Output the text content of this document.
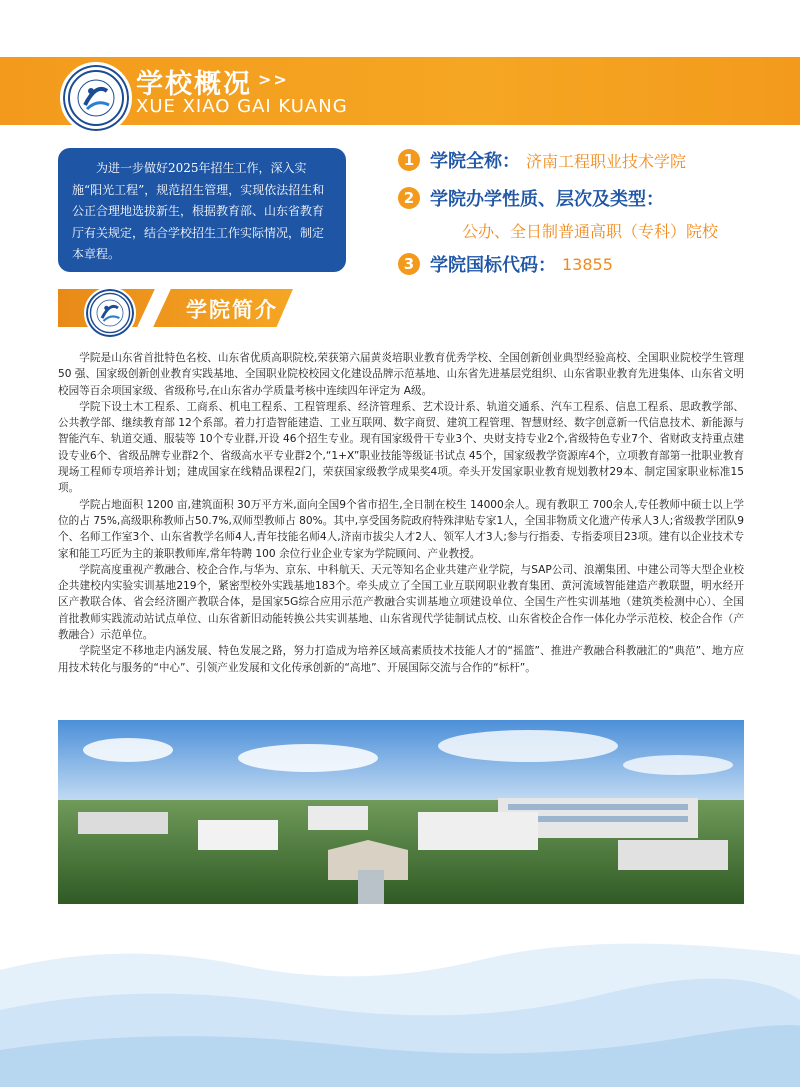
学校概况 >>
XUE XIAO GAI KUANG
为进一步做好2025年招生工作，深入实施“阳光工程”，规范招生管理，实现依法招生和公正合理地选拔新生，根据教育部、山东省教育厅有关规定，结合学校招生工作实际情况，制定本章程。
1 学院全称： 济南工程职业技术学院
2 学院办学性质、层次及类型：
公办、全日制普通高职（专科）院校
3 学院国标代码： 13855
学院简介

学院是山东省首批特色名校、山东省优质高职院校,荣获第六届黄炎培职业教育优秀学校、全国创新创业典型经验高校、全国职业院校学生管理 50 强、国家级创新创业教育实践基地、全国职业院校校园文化建设品牌示范基地、山东省先进基层党组织、山东省职业教育先进集体、山东省文明校园等百余项国家级、省级称号,在山东省办学质量考核中连续四年评定为 A级。

学院下设土木工程系、工商系、机电工程系、工程管理系、经济管理系、艺术设计系、轨道交通系、汽车工程系、信息工程系、思政教学部、公共教学部、继续教育部 12个系部。着力打造智能建造、工业互联网、数字商贸、建筑工程管理、智慧财经、数字创意新一代信息技术、新能源与智能汽车、轨道交通、服装等 10个专业群,开设 46个招生专业。现有国家级骨干专业3个、央财支持专业2个,省级特色专业7个、省财政支持重点建设专业6个、省级品牌专业群2个、省级高水平专业群2个,“1+X”职业技能等级证书试点 45个，国家级教学资源库4个，立项教育部第一批职业教育现场工程师专项培养计划；建成国家在线精品课程2门，荣获国家级教学成果奖4项。牵头开发国家职业教育规划教材29本、制定国家职业标准15项。

学院占地面积 1200 亩,建筑面积 30万平方米,面向全国9个省市招生,全日制在校生 14000余人。现有教职工 700余人,专任教师中硕士以上学位的占 75%,高级职称教师占50.7%,双师型教师占 80%。其中,享受国务院政府特殊津贴专家1人，全国非物质文化遗产传承人3人;省级教学团队9个、名师工作室3个、山东省教学名师4人,青年技能名师4人,济南市拔尖人才2人、领军人才3人;参与行指委、专指委项目23项。建有以企业技术专家和能工巧匠为主的兼职教师库,常年特聘 100 余位行业企业专家为学院顾问、产业教授。

学院高度重视产教融合、校企合作,与华为、京东、中科航天、天元等知名企业共建产业学院，与SAP公司、浪潮集团、中建公司等大型企业校企共建校内实验实训基地219个，紧密型校外实践基地183个。牵头成立了全国工业互联网职业教育集团、黄河流域智能建造产教联盟，明水经开区产教联合体、省会经济圈产教联合体，是国家5G综合应用示范产教融合实训基地立项建设单位、全国生产性实训基地（建筑类检测中心）、全国首批教师实践流动站试点单位、山东省新旧动能转换公共实训基地、山东省现代学徒制试点校、山东省校企合作一体化办学示范校、校企合作（产教融合）示范单位。

学院坚定不移地走内涵发展、特色发展之路，努力打造成为培养区域高素质技术技能人才的“摇篮”、推进产教融合科教融汇的“典范”、地方应用技术转化与服务的“中心”、引领产业发展和文化传承创新的“高地”、开展国际交流与合作的“标杆”。
